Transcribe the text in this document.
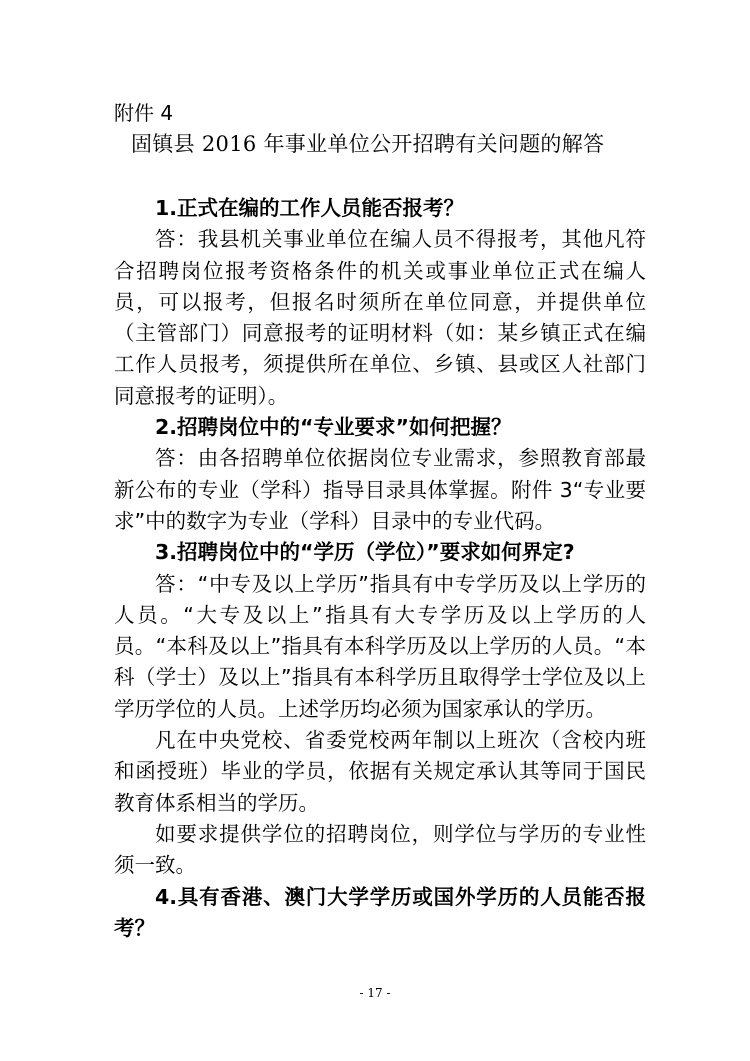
附件 4
固镇县 2016 年事业单位公开招聘有关问题的解答

1.正式在编的工作人员能否报考？

答：我县机关事业单位在编人员不得报考，其他凡符合招聘岗位报考资格条件的机关或事业单位正式在编人员，可以报考，但报名时须所在单位同意，并提供单位（主管部门）同意报考的证明材料（如：某乡镇正式在编工作人员报考，须提供所在单位、乡镇、县或区人社部门同意报考的证明）。

2.招聘岗位中的“专业要求”如何把握？

答：由各招聘单位依据岗位专业需求，参照教育部最新公布的专业（学科）指导目录具体掌握。附件 3“专业要求”中的数字为专业（学科）目录中的专业代码。

3.招聘岗位中的“学历（学位）”要求如何界定?

答：“中专及以上学历”指具有中专学历及以上学历的人员。“大专及以上”指具有大专学历及以上学历的人员。“本科及以上”指具有本科学历及以上学历的人员。“本科（学士）及以上”指具有本科学历且取得学士学位及以上学历学位的人员。上述学历均必须为国家承认的学历。

凡在中央党校、省委党校两年制以上班次（含校内班和函授班）毕业的学员，依据有关规定承认其等同于国民教育体系相当的学历。

如要求提供学位的招聘岗位，则学位与学历的专业性须一致。

4.具有香港、澳门大学学历或国外学历的人员能否报考？

- 17 -
